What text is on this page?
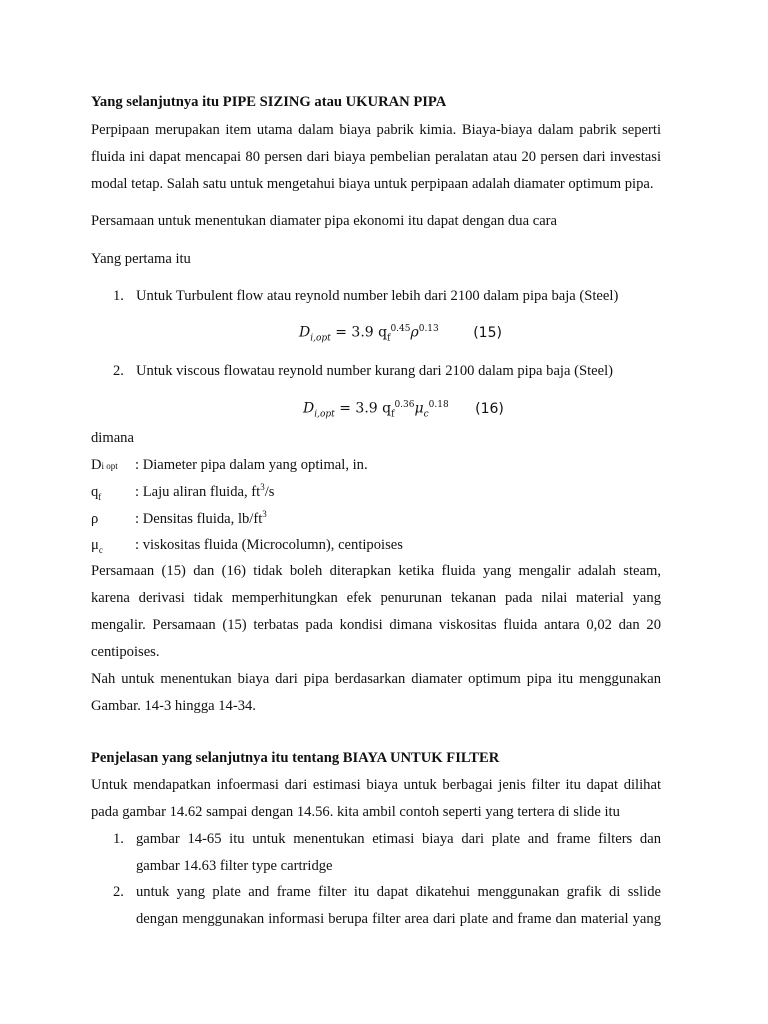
Yang selanjutnya itu PIPE SIZING atau UKURAN PIPA
Perpipaan merupakan item utama dalam biaya pabrik kimia. Biaya-biaya dalam pabrik seperti
fluida ini dapat mencapai 80 persen dari biaya pembelian peralatan atau 20 persen dari investasi
modal tetap. Salah satu untuk mengetahui biaya untuk perpipaan adalah diamater optimum pipa.
Persamaan untuk menentukan diamater pipa ekonomi itu dapat dengan dua cara
Yang pertama itu
1. Untuk Turbulent flow atau reynold number lebih dari 2100 dalam pipa baja (Steel)
$D_{i,opt} = 3.9$ $q_f^{0.45}\rho^{0.13}$ (15)
2. Untuk viscous flowatau reynold number kurang dari 2100 dalam pipa baja (Steel)
$D_{i,opt} = 3.9$ $q_f^{0.36}\mu_c^{0.18}$ (16)
dimana
Di opt : Diameter pipa dalam yang optimal, in.
$q_f$ : Laju aliran fluida, $ft^3/s$
ρ	: Densitas fluida, $lb/ft^3$
$\mu_c$ : viskositas fluida (Microcolumn), centipoises
Persamaan (15) dan (16) tidak boleh diterapkan ketika fluida yang mengalir adalah steam,
karena derivasi tidak memperhitungkan efek penurunan tekanan pada nilai material yang
mengalir. Persamaan (15) terbatas pada kondisi dimana viskositas fluida antara 0,02 dan 20
centipoises.
Nah untuk menentukan biaya dari pipa berdasarkan diamater optimum pipa itu menggunakan
Gambar. 14-3 hingga 14-34.
Penjelasan yang selanjutnya itu tentang BIAYA UNTUK FILTER
Untuk mendapatkan infoermasi dari estimasi biaya untuk berbagai jenis filter itu dapat dilihat
pada gambar 14.62 sampai dengan 14.56. kita ambil contoh seperti yang tertera di slide itu
1. gambar 14-65 itu untuk menentukan etimasi biaya dari plate and frame filters dan
gambar 14.63 filter type cartridge
2. untuk yang plate and frame filter itu dapat dikatehui menggunakan grafik di sslide
dengan menggunakan informasi berupa filter area dari plate and frame dan material yang
